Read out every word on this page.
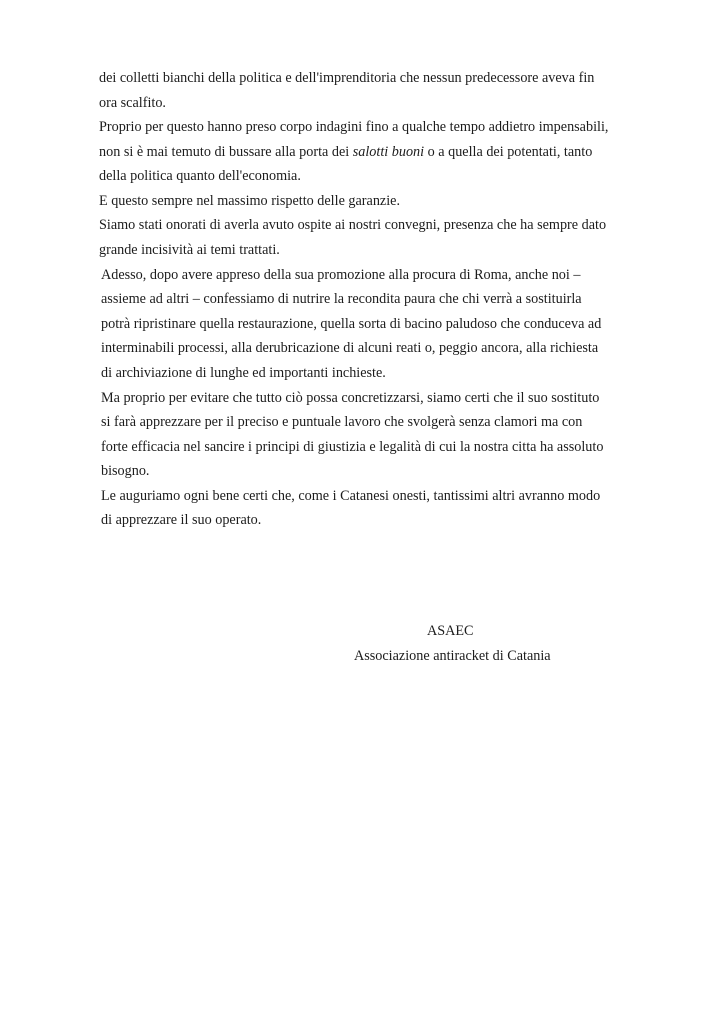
dei colletti bianchi della politica e dell'imprenditoria che nessun predecessore aveva fin
ora scalfito.
Proprio per questo hanno preso corpo indagini fino a qualche tempo addietro impensabili,
non si è mai temuto di bussare alla porta dei salotti buoni o a quella dei potentati, tanto
della politica quanto dell'economia.
E questo sempre nel massimo rispetto delle garanzie.
Siamo stati onorati di averla avuto ospite ai nostri convegni, presenza che ha sempre dato
grande incisività ai temi trattati.
Adesso, dopo avere appreso della sua promozione alla procura di Roma, anche noi –
assieme ad altri – confessiamo di nutrire la recondita paura che chi verrà a sostituirla
potrà ripristinare quella restaurazione, quella sorta di bacino paludoso che conduceva ad
interminabili processi, alla derubricazione di alcuni reati o, peggio ancora, alla richiesta
di archiviazione di lunghe ed importanti inchieste.
Ma proprio per evitare che tutto ciò possa concretizzarsi, siamo certi che il suo sostituto
si farà apprezzare per il preciso e puntuale lavoro che svolgerà senza clamori ma con
forte efficacia nel sancire i principi di giustizia e legalità di cui la nostra citta ha assoluto
bisogno.
Le auguriamo ogni bene certi che, come i Catanesi onesti, tantissimi altri avranno modo
di apprezzare il suo operato.
ASAEC
Associazione antiracket di Catania
